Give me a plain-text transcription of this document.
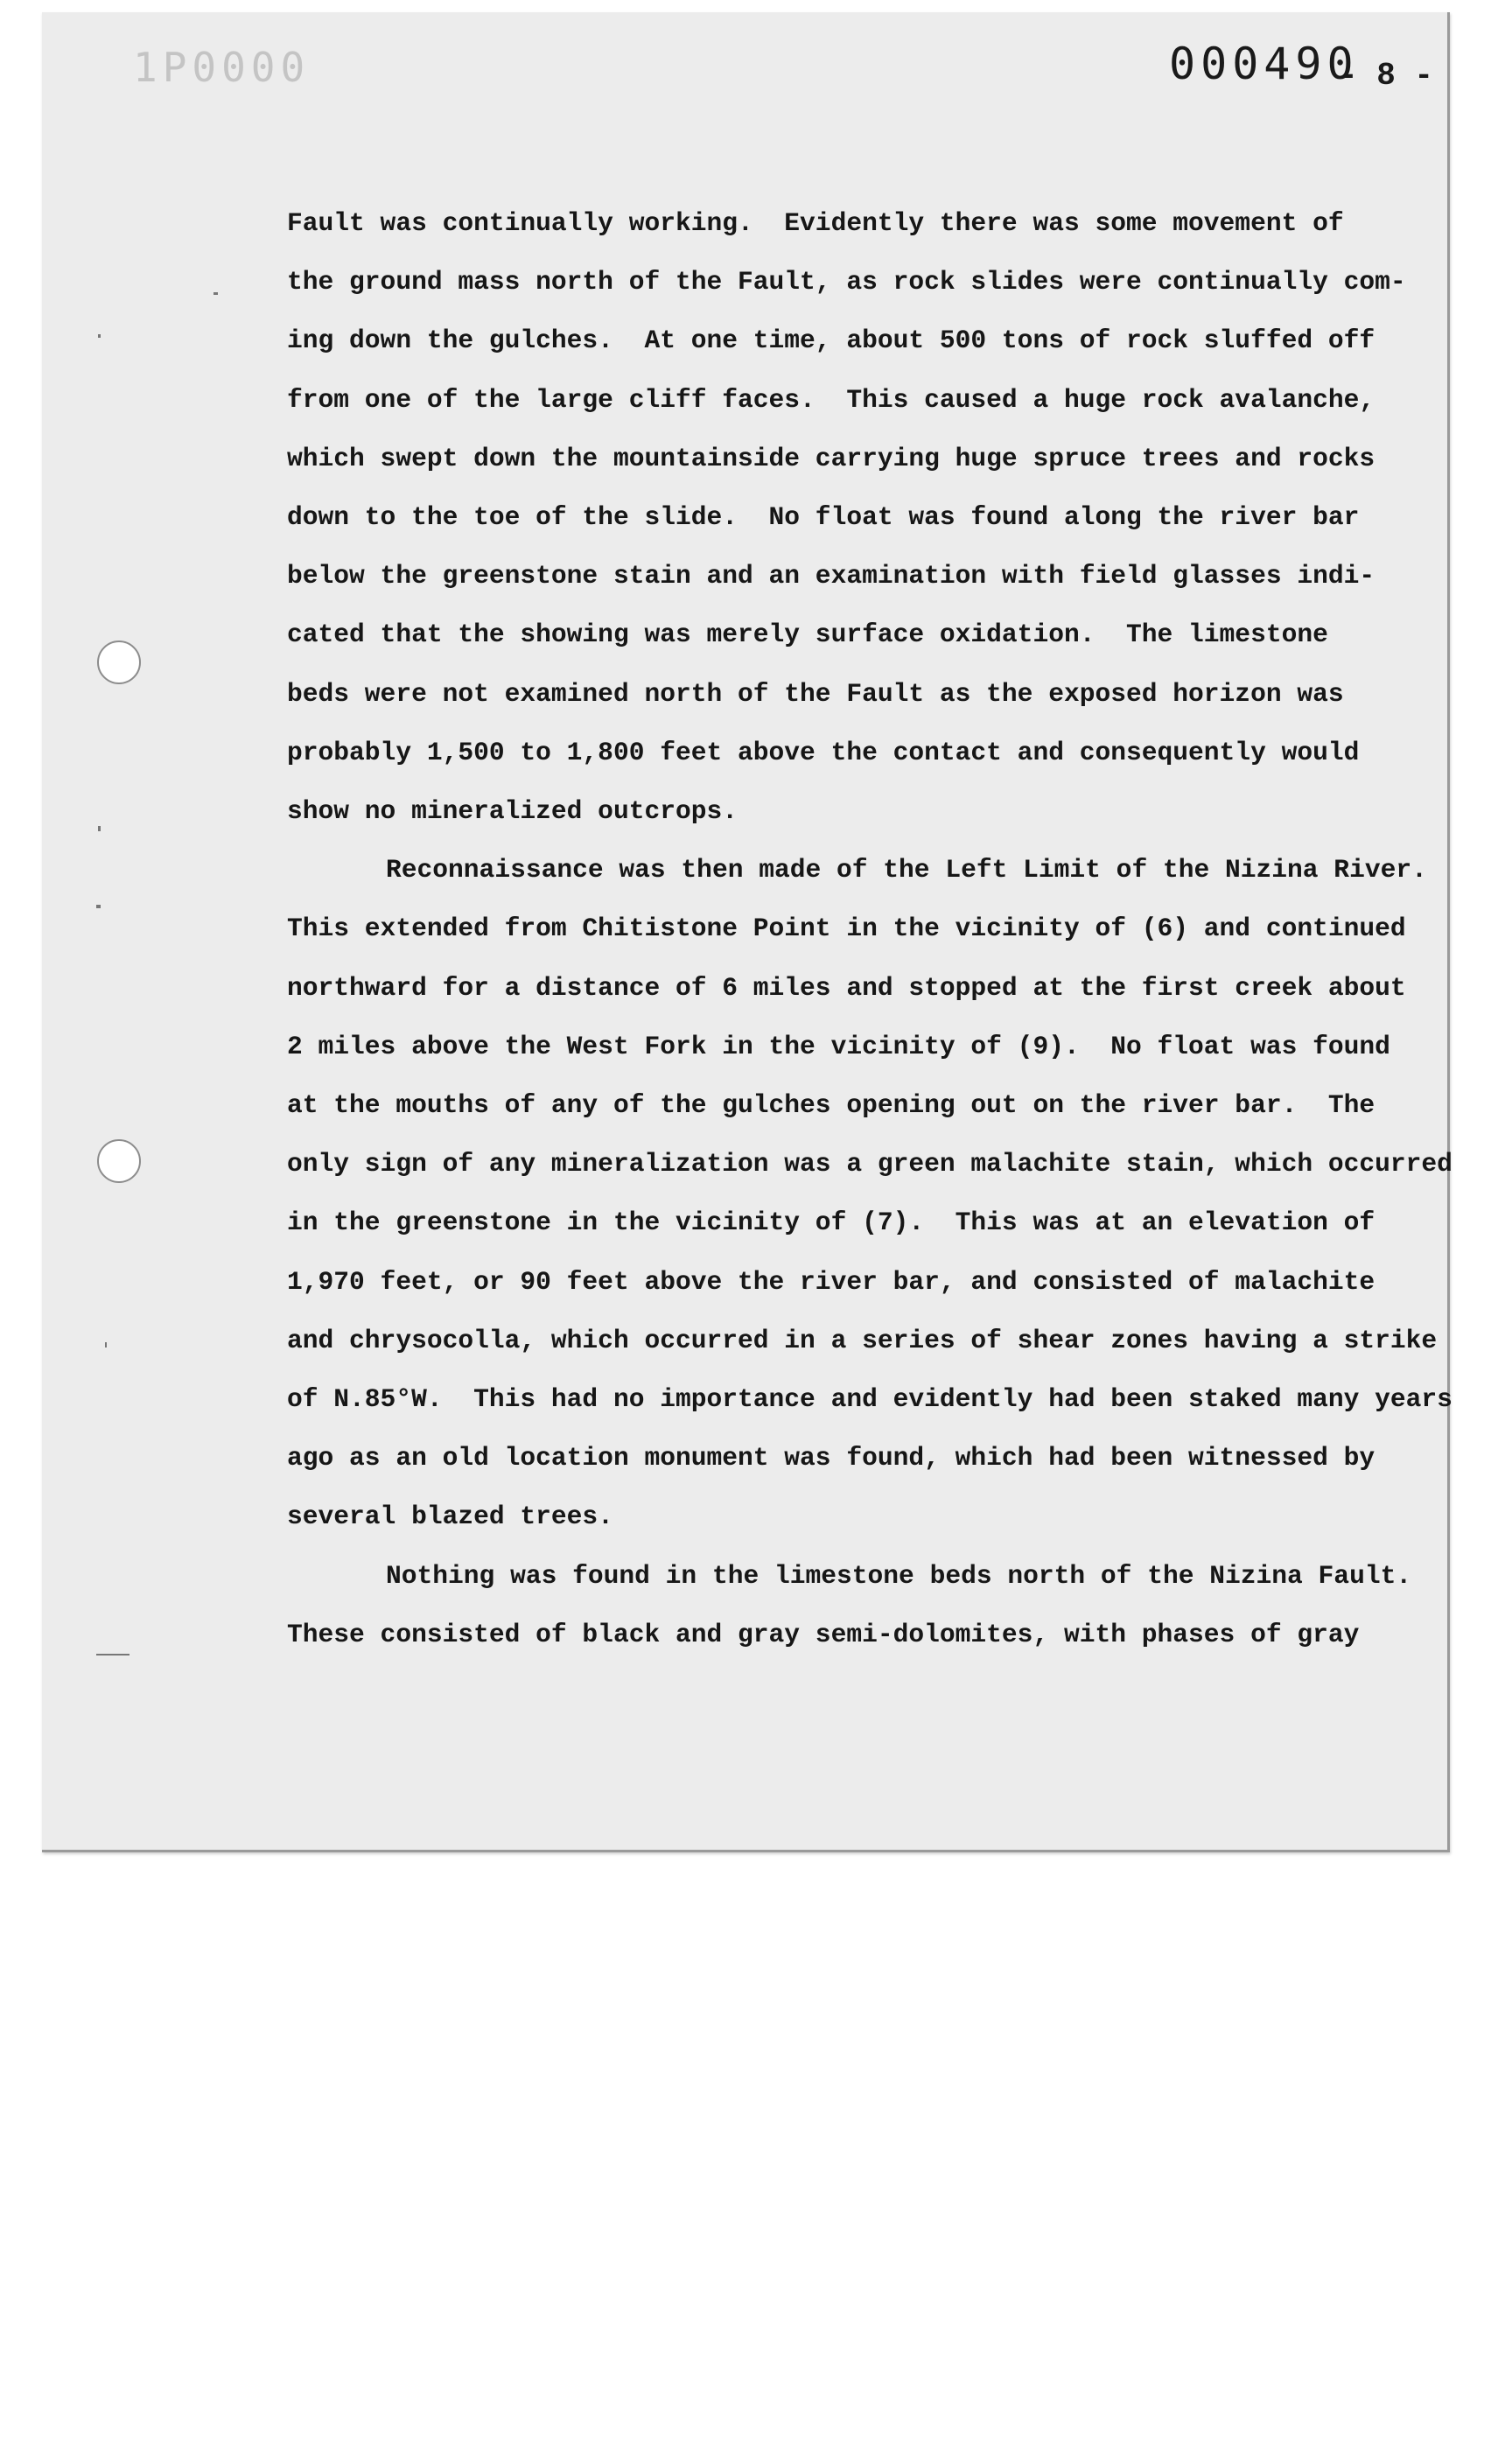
1P0000	000490
- 8 -
Fault was continually working.  Evidently there was some movement of
the ground mass north of the Fault, as rock slides were continually com-
ing down the gulches.  At one time, about 500 tons of rock sluffed off
from one of the large cliff faces.  This caused a huge rock avalanche,
which swept down the mountainside carrying huge spruce trees and rocks
down to the toe of the slide.  No float was found along the river bar
below the greenstone stain and an examination with field glasses indi-
cated that the showing was merely surface oxidation.  The limestone
beds were not examined north of the Fault as the exposed horizon was
probably 1,500 to 1,800 feet above the contact and consequently would
show no mineralized outcrops.
Reconnaissance was then made of the Left Limit of the Nizina River.
This extended from Chitistone Point in the vicinity of (6) and continued
northward for a distance of 6 miles and stopped at the first creek about
2 miles above the West Fork in the vicinity of (9).  No float was found
at the mouths of any of the gulches opening out on the river bar.  The
only sign of any mineralization was a green malachite stain, which occurred
in the greenstone in the vicinity of (7).  This was at an elevation of
1,970 feet, or 90 feet above the river bar, and consisted of malachite
and chrysocolla, which occurred in a series of shear zones having a strike
of N.85°W.  This had no importance and evidently had been staked many years
ago as an old location monument was found, which had been witnessed by
several blazed trees.
Nothing was found in the limestone beds north of the Nizina Fault.
These consisted of black and gray semi-dolomites, with phases of gray
